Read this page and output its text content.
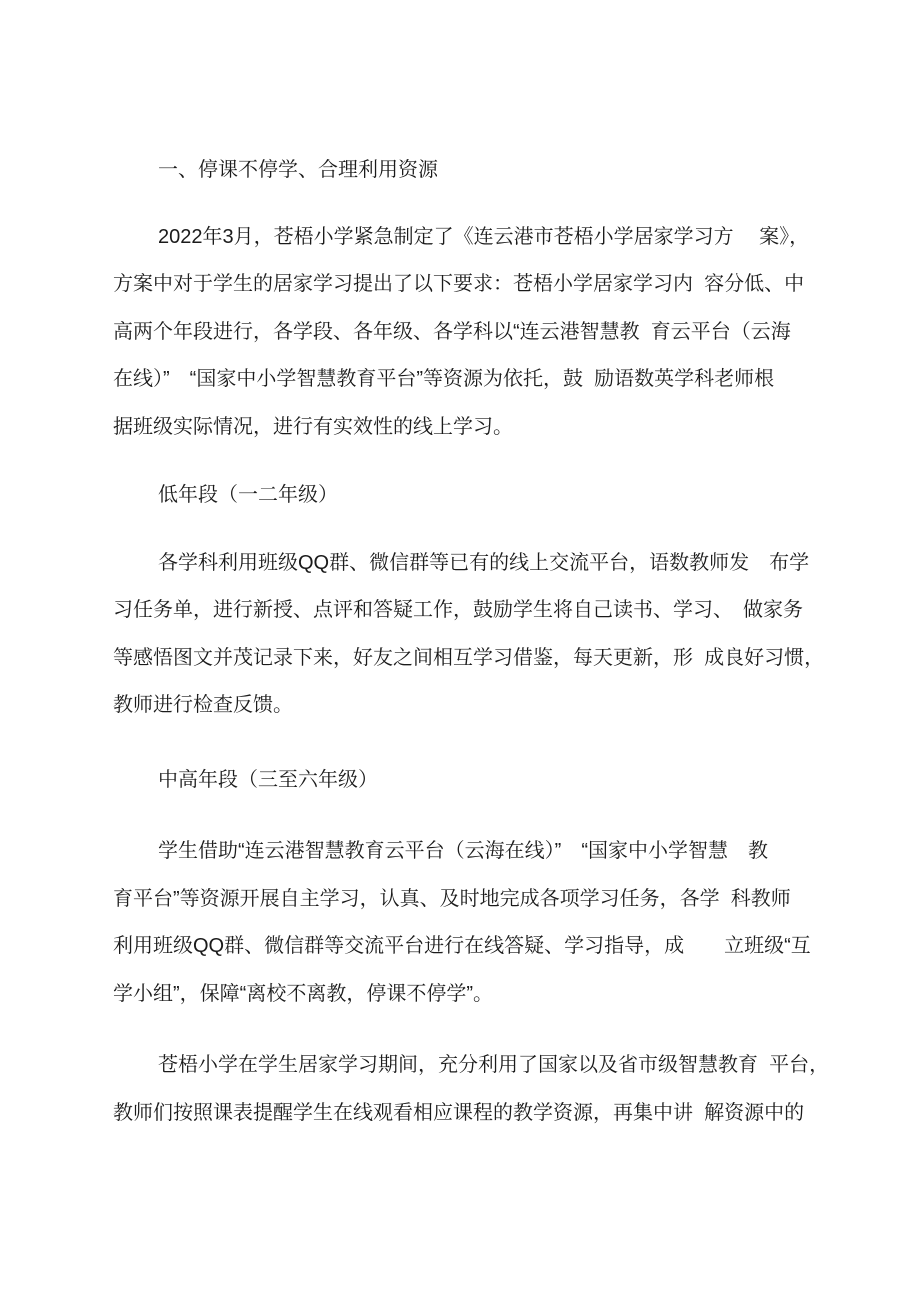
一、停课不停学、合理利用资源
2022年3月，苍梧小学紧急制定了《连云港市苍梧小学居家学习方　 案》，
方案中对于学生的居家学习提出了以下要求：苍梧小学居家学习内  容分低、中
高两个年段进行，各学段、各年级、各学科以“连云港智慧教  育云平台（云海
在线）”　“国家中小学智慧教育平台”等资源为依托，鼓  励语数英学科老师根
据班级实际情况，进行有实效性的线上学习。
低年段（一二年级）
各学科利用班级QQ群、微信群等已有的线上交流平台，语数教师发　布学
习任务单，进行新授、点评和答疑工作，鼓励学生将自己读书、学习、　做家务
等感悟图文并茂记录下来，好友之间相互学习借鉴，每天更新，形  成良好习惯，
教师进行检查反馈。
中高年段（三至六年级）
学生借助“连云港智慧教育云平台（云海在线）”　“国家中小学智慧　教
育平台”等资源开展自主学习，认真、及时地完成各项学习任务，各学  科教师
利用班级QQ群、微信群等交流平台进行在线答疑、学习指导，成　　立班级“互
学小组”，保障“离校不离教，停课不停学”。
苍梧小学在学生居家学习期间，充分利用了国家以及省市级智慧教育  平台，
教师们按照课表提醒学生在线观看相应课程的教学资源，再集中讲  解资源中的
